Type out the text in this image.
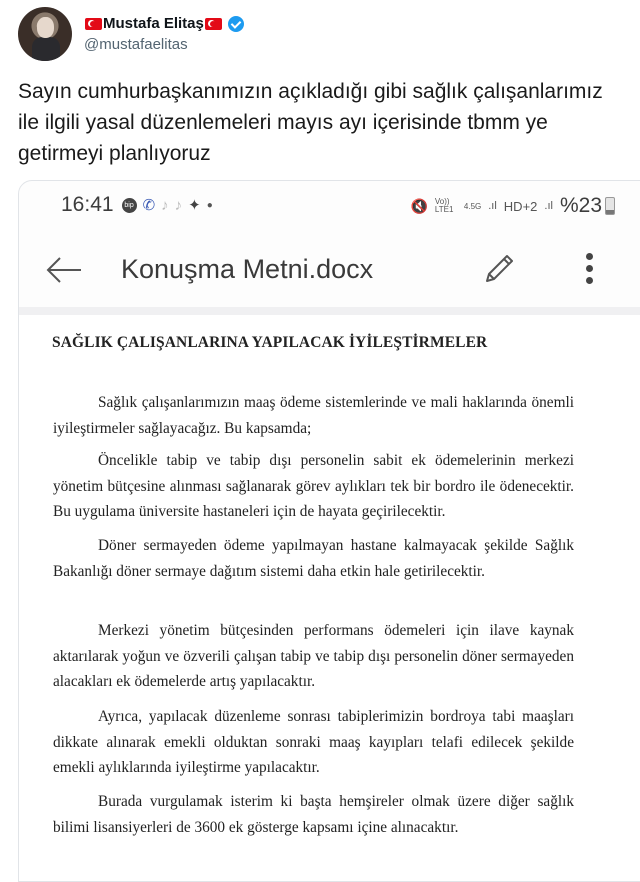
Mustafa Elitaş
@mustafaelitas
Sayın cumhurbaşkanımızın açıkladığı gibi sağlık çalışanlarımız ile ilgili yasal düzenlemeleri mayıs ayı içerisinde tbmm ye getirmeyi planlıyoruz
16:41	bip ✆ ♪ ♪ ✦ ●	🔇 Vo)) LTE1	4.5G .ıl HD+2 .ıl %23
Konuşma Metni.docx
SAĞLIK ÇALIŞANLARINA YAPILACAK İYİLEŞTİRMELER

Sağlık çalışanlarımızın maaş ödeme sistemlerinde ve mali haklarında önemli iyileştirmeler sağlayacağız. Bu kapsamda;

Öncelikle tabip ve tabip dışı personelin sabit ek ödemelerinin merkezi yönetim bütçesine alınması sağlanarak görev aylıkları tek bir bordro ile ödenecektir. Bu uygulama üniversite hastaneleri için de hayata geçirilecektir.

Döner sermayeden ödeme yapılmayan hastane kalmayacak şekilde Sağlık Bakanlığı döner sermaye dağıtım sistemi daha etkin hale getirilecektir.

Merkezi yönetim bütçesinden performans ödemeleri için ilave kaynak aktarılarak yoğun ve özverili çalışan tabip ve tabip dışı personelin döner sermayeden alacakları ek ödemelerde artış yapılacaktır.

Ayrıca, yapılacak düzenleme sonrası tabiplerimizin bordroya tabi maaşları dikkate alınarak emekli olduktan sonraki maaş kayıpları telafi edilecek şekilde emekli aylıklarında iyileştirme yapılacaktır.

Burada vurgulamak isterim ki başta hemşireler olmak üzere diğer sağlık bilimi lisansiyerleri de 3600 ek gösterge kapsamı içine alınacaktır.
